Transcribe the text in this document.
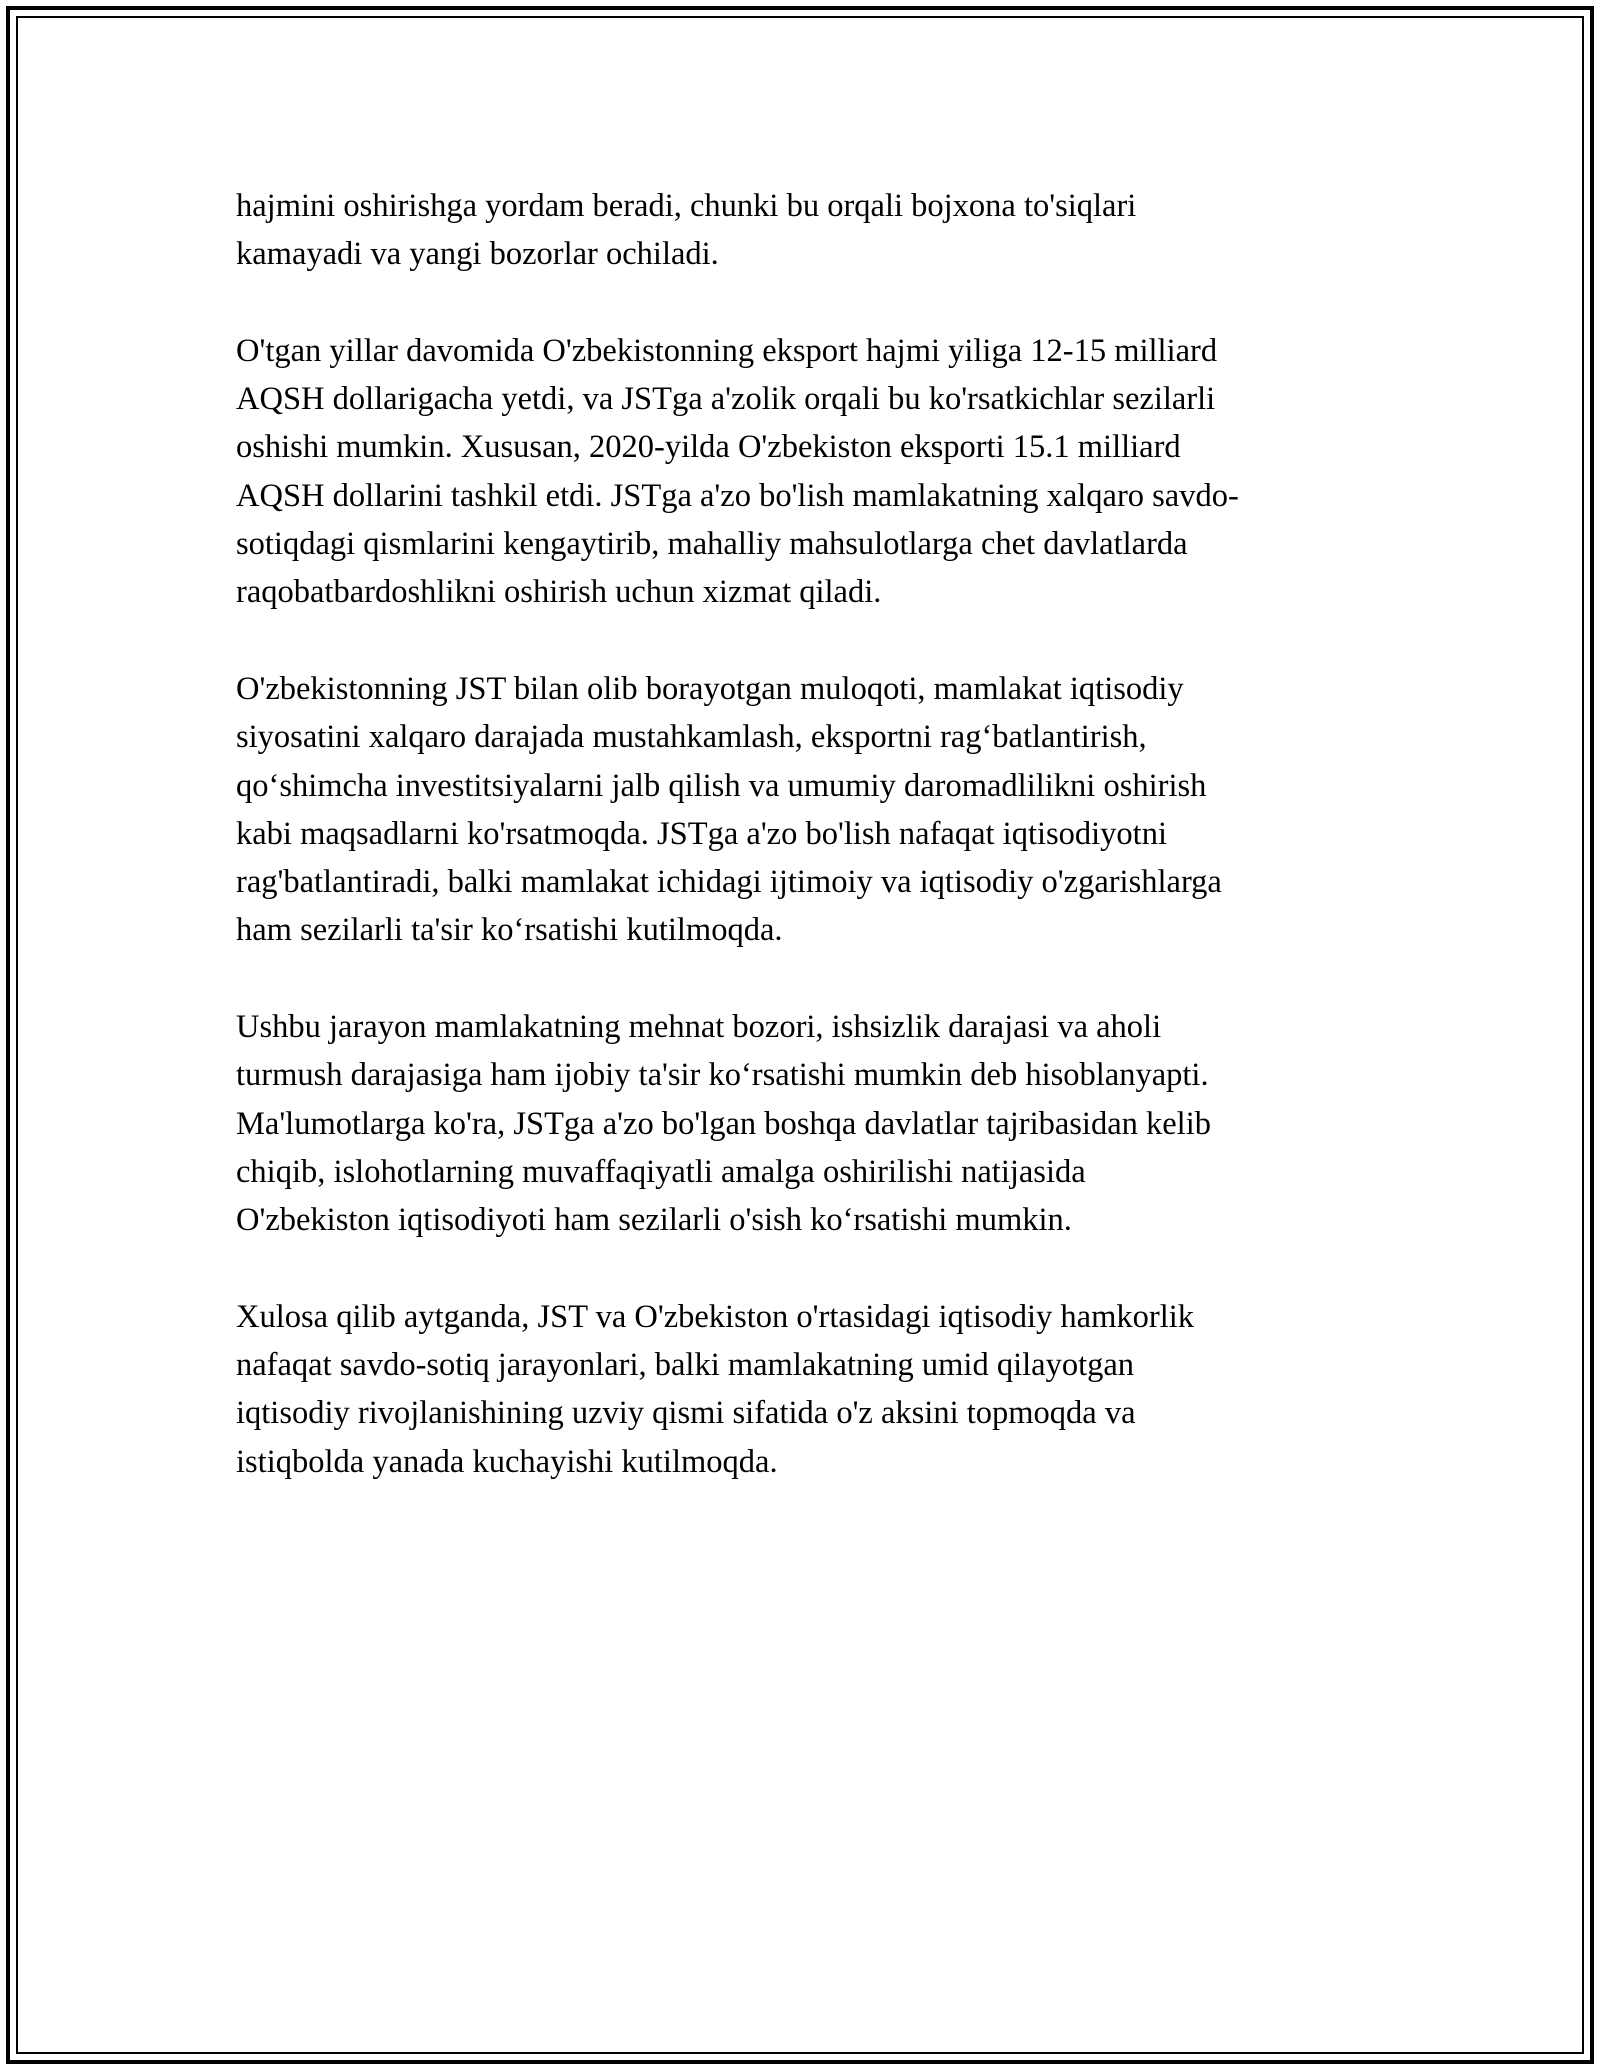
hajmini oshirishga yordam beradi, chunki bu orqali bojxona to'siqlari
kamayadi va yangi bozorlar ochiladi.

O'tgan yillar davomida O'zbekistonning eksport hajmi yiliga 12-15 milliard
AQSH dollarigacha yetdi, va JSTga a'zolik orqali bu ko'rsatkichlar sezilarli
oshishi mumkin. Xususan, 2020-yilda O'zbekiston eksporti 15.1 milliard
AQSH dollarini tashkil etdi. JSTga a'zo bo'lish mamlakatning xalqaro savdo-
sotiqdagi qismlarini kengaytirib, mahalliy mahsulotlarga chet davlatlarda
raqobatbardoshlikni oshirish uchun xizmat qiladi.

O'zbekistonning JST bilan olib borayotgan muloqoti, mamlakat iqtisodiy
siyosatini xalqaro darajada mustahkamlash, eksportni rag‘batlantirish,
qo‘shimcha investitsiyalarni jalb qilish va umumiy daromadlilikni oshirish
kabi maqsadlarni ko'rsatmoqda. JSTga a'zo bo'lish nafaqat iqtisodiyotni
rag'batlantiradi, balki mamlakat ichidagi ijtimoiy va iqtisodiy o'zgarishlarga
ham sezilarli ta'sir ko‘rsatishi kutilmoqda.

Ushbu jarayon mamlakatning mehnat bozori, ishsizlik darajasi va aholi
turmush darajasiga ham ijobiy ta'sir ko‘rsatishi mumkin deb hisoblanyapti.
Ma'lumotlarga ko'ra, JSTga a'zo bo'lgan boshqa davlatlar tajribasidan kelib
chiqib, islohotlarning muvaffaqiyatli amalga oshirilishi natijasida
O'zbekiston iqtisodiyoti ham sezilarli o'sish ko‘rsatishi mumkin.

Xulosa qilib aytganda, JST va O'zbekiston o'rtasidagi iqtisodiy hamkorlik
nafaqat savdo-sotiq jarayonlari, balki mamlakatning umid qilayotgan
iqtisodiy rivojlanishining uzviy qismi sifatida o'z aksini topmoqda va
istiqbolda yanada kuchayishi kutilmoqda.
